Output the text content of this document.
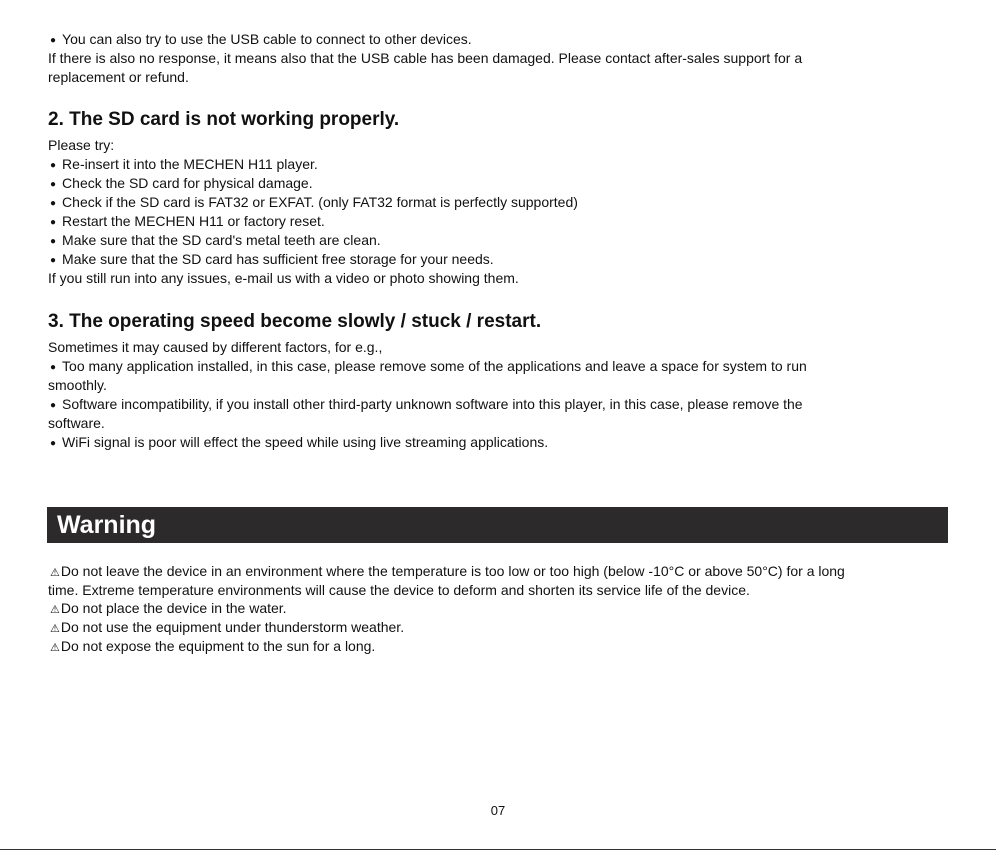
● You can also try to use the USB cable to connect to other devices.
If there is also no response, it means also that the USB cable has been damaged. Please contact after-sales support for a
replacement or refund.
2. The SD card is not working properly.
Please try:
● Re-insert it into the MECHEN H11 player.
● Check the SD card for physical damage.
● Check if the SD card is FAT32 or EXFAT. (only FAT32 format is perfectly supported)
● Restart the MECHEN H11 or factory reset.
● Make sure that the SD card's metal teeth are clean.
● Make sure that the SD card has sufficient free storage for your needs.
If you still run into any issues, e-mail us with a video or photo showing them.
3. The operating speed become slowly / stuck / restart.
Sometimes it may caused by different factors, for e.g.,
● Too many application installed, in this case, please remove some of the applications and leave a space for system to run
smoothly.
● Software incompatibility, if you install other third-party unknown software into this player, in this case, please remove the
software.
● WiFi signal is poor will effect the speed while using live streaming applications.
Warning
⚠Do not leave the device in an environment where the temperature is too low or too high (below -10°C or above 50°C) for a long
time. Extreme temperature environments will cause the device to deform and shorten its service life of the device.
⚠Do not place the device in the water.
⚠Do not use the equipment under thunderstorm weather.
⚠Do not expose the equipment to the sun for a long.
07
